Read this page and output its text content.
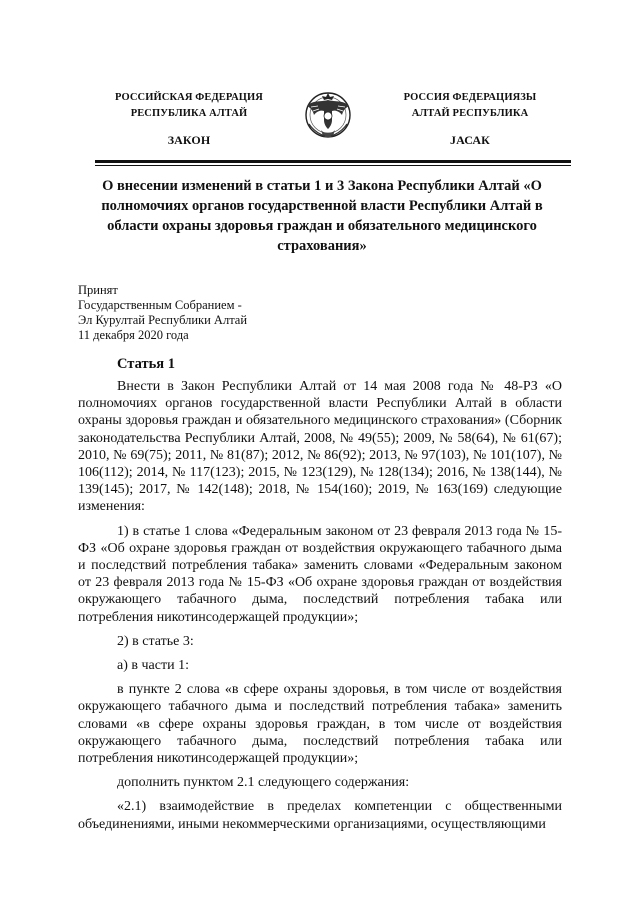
РОССИЙСКАЯ ФЕДЕРАЦИЯ
РЕСПУБЛИКА АЛТАЙ
ЗАКОН
РОССИЯ ФЕДЕРАЦИЯЗЫ
АЛТАЙ РЕСПУБЛИКА
ЈАСАК
О внесении изменений в статьи 1 и 3 Закона Республики Алтай «О полномочиях органов государственной власти Республики Алтай в области охраны здоровья граждан и обязательного медицинского страхования»
Принят
Государственным Собранием -
Эл Курултай Республики Алтай
11 декабря 2020 года
Статья 1

Внести в Закон Республики Алтай от 14 мая 2008 года № 48-РЗ «О полномочиях органов государственной власти Республики Алтай в области охраны здоровья граждан и обязательного медицинского страхования» (Сборник законодательства Республики Алтай, 2008, № 49(55); 2009, № 58(64), № 61(67); 2010, № 69(75); 2011, № 81(87); 2012, № 86(92); 2013, № 97(103), № 101(107), № 106(112); 2014, № 117(123); 2015, № 123(129), № 128(134); 2016, № 138(144), № 139(145); 2017, № 142(148); 2018, № 154(160); 2019, № 163(169) следующие изменения:

1) в статье 1 слова «Федеральным законом от 23 февраля 2013 года № 15-ФЗ «Об охране здоровья граждан от воздействия окружающего табачного дыма и последствий потребления табака» заменить словами «Федеральным законом от 23 февраля 2013 года № 15-ФЗ «Об охране здоровья граждан от воздействия окружающего табачного дыма, последствий потребления табака или потребления никотинсодержащей продукции»;

2) в статье 3:

а) в части 1:

в пункте 2 слова «в сфере охраны здоровья, в том числе от воздействия окружающего табачного дыма и последствий потребления табака» заменить словами «в сфере охраны здоровья граждан, в том числе от воздействия окружающего табачного дыма, последствий потребления табака или потребления никотинсодержащей продукции»;

дополнить пунктом 2.1 следующего содержания:

«2.1) взаимодействие в пределах компетенции с общественными объединениями, иными некоммерческими организациями, осуществляющими
